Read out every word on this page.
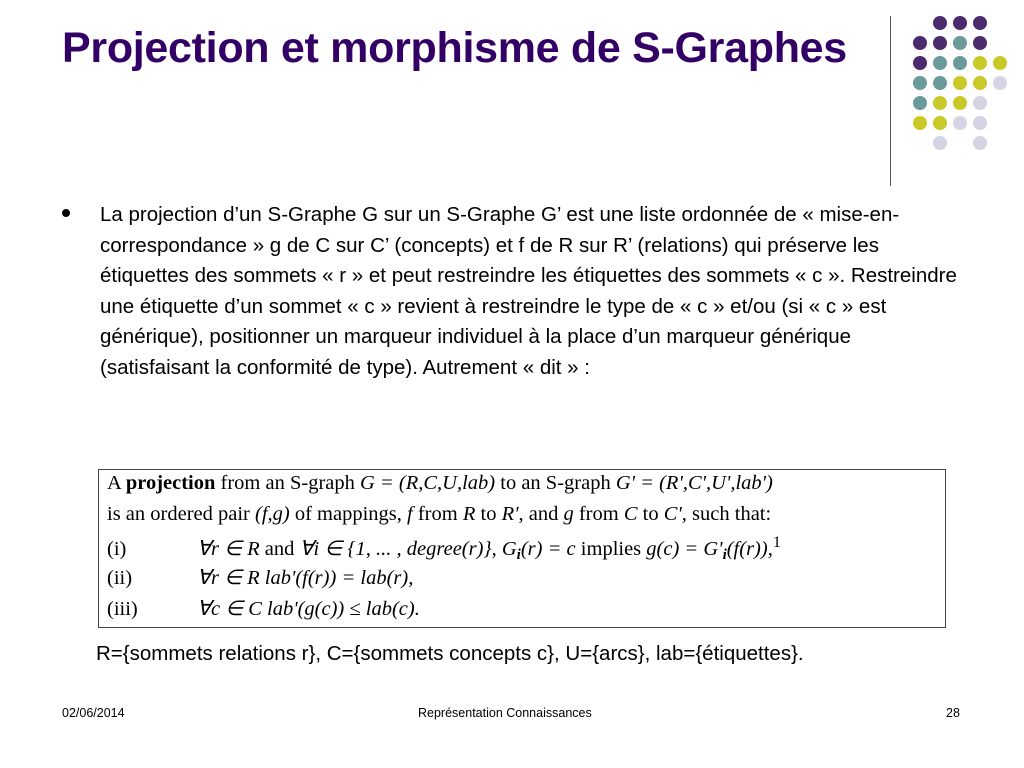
Projection et morphisme de S-Graphes
La projection d’un S-Graphe G sur un S-Graphe G’ est une liste ordonnée de « mise-en-correspondance » g de C sur C’ (concepts) et f de R sur R’ (relations) qui préserve les étiquettes des sommets « r » et peut restreindre les étiquettes des sommets « c ». Restreindre une étiquette d’un sommet « c » revient à restreindre le type de « c » et/ou (si « c » est générique), positionner un marqueur individuel à la place d’un marqueur générique (satisfaisant la conformité de type). Autrement « dit » :
A projection from an S-graph G = (R,C,U,lab) to an S-graph G' = (R',C',U',lab')
is an ordered pair (f,g) of mappings, f from R to R', and g from C to C', such that:
(i)	∀r ∈ R and ∀i ∈ {1, ... , degree(r)}, $G_i(r) = c$ implies $g(c) = G'_i(f(r)),^1$
(ii)	∀r ∈ R lab'(f(r)) = lab(r),
(iii)	∀c ∈ C lab'(g(c)) ≤ lab(c).
R={sommets relations r}, C={sommets concepts c}, U={arcs}, lab={étiquettes}.
02/06/2014	Représentation Connaissances	28
